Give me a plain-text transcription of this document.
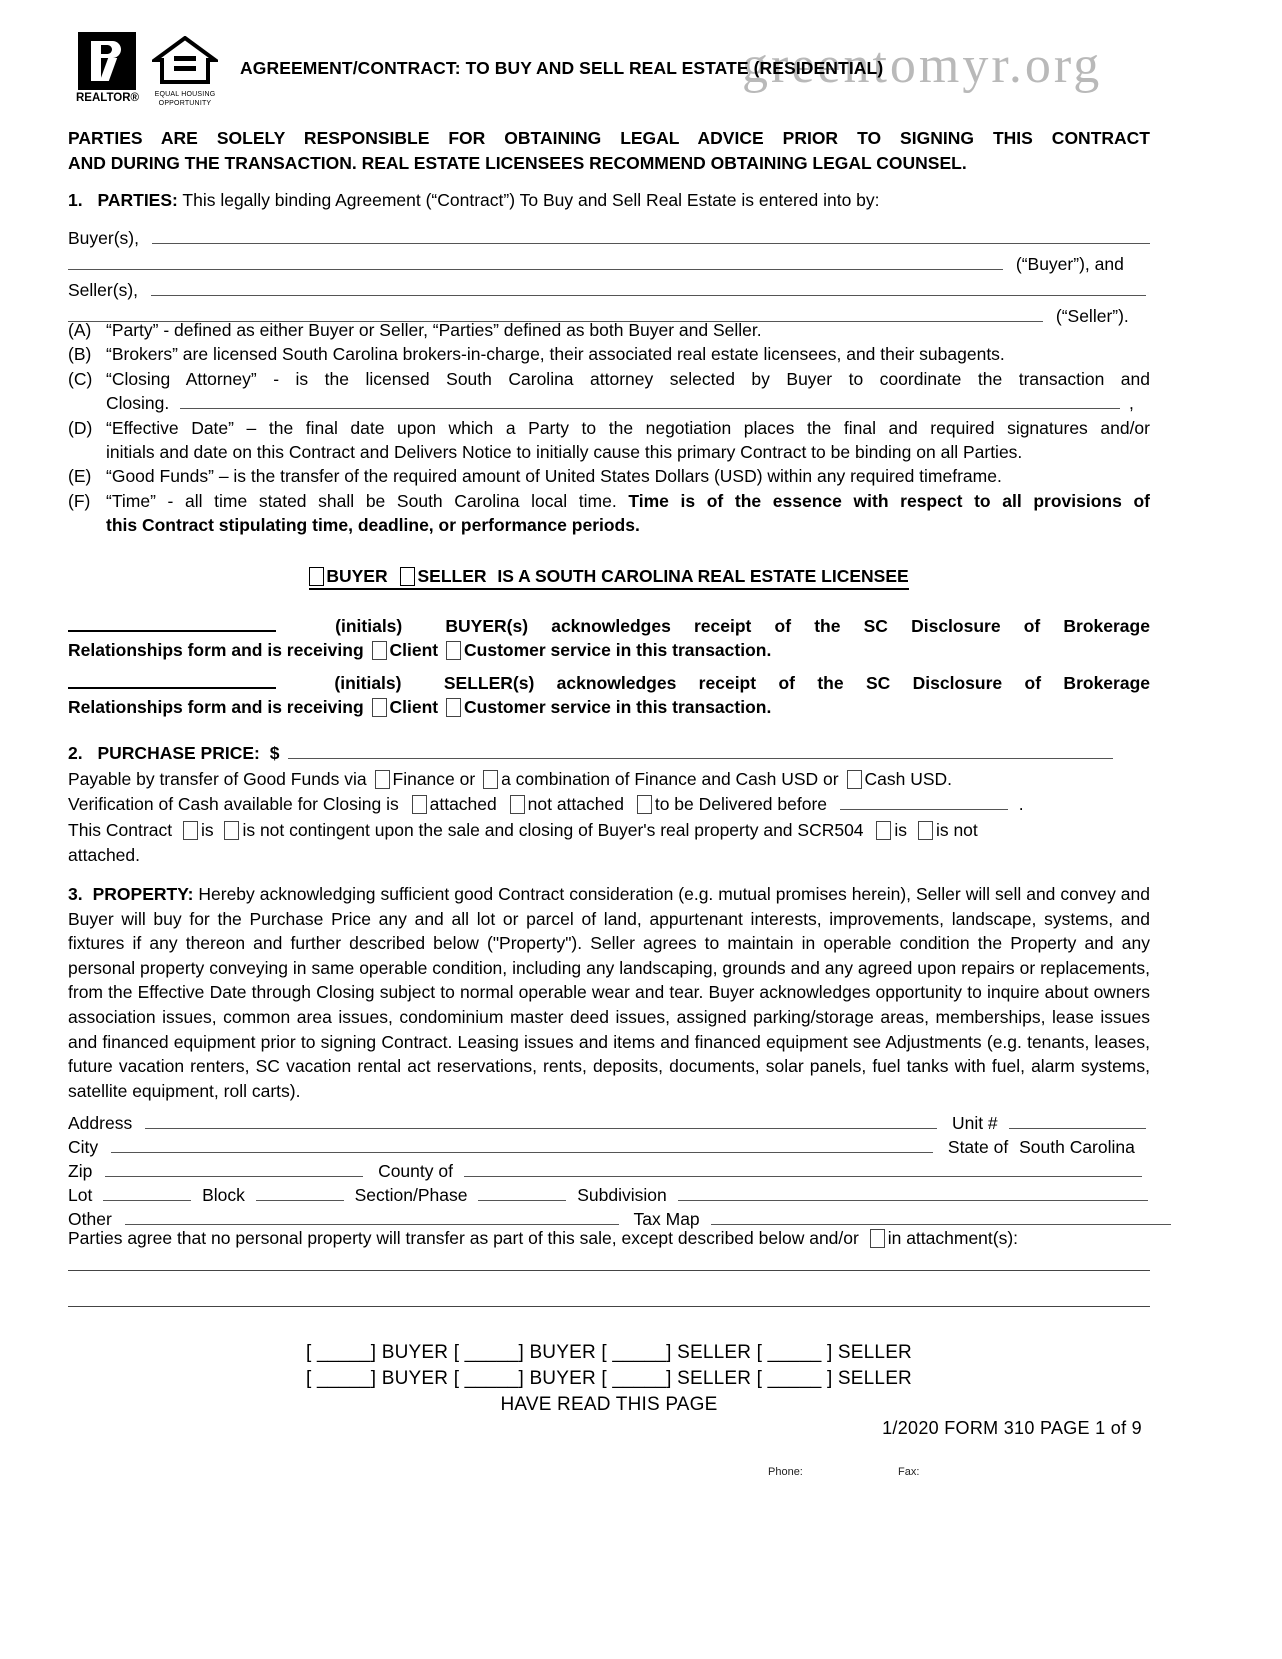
greentomyr.org
REALTOR®	EQUAL HOUSING
OPPORTUNITY
AGREEMENT/CONTRACT: TO BUY AND SELL REAL ESTATE (RESIDENTIAL)
PARTIES ARE SOLELY RESPONSIBLE FOR OBTAINING LEGAL ADVICE PRIOR TO SIGNING THIS CONTRACT
AND DURING THE TRANSACTION. REAL ESTATE LICENSEES RECOMMEND OBTAINING LEGAL COUNSEL.
1. PARTIES: This legally binding Agreement (“Contract”) To Buy and Sell Real Estate is entered into by:
Buyer(s),
(“Buyer”), and
Seller(s),
(“Seller”).
(A) “Party” - defined as either Buyer or Seller, “Parties” defined as both Buyer and Seller.
(B) “Brokers” are licensed South Carolina brokers-in-charge, their associated real estate licensees, and their subagents.
(C) “Closing Attorney” - is the licensed South Carolina attorney selected by Buyer to coordinate the transaction and
Closing.	,
(D) “Effective Date” – the final date upon which a Party to the negotiation places the final and required signatures and/or
initials and date on this Contract and Delivers Notice to initially cause this primary Contract to be binding on all Parties.
(E) “Good Funds” – is the transfer of the required amount of United States Dollars (USD) within any required timeframe.
(F) “Time” - all time stated shall be South Carolina local time. Time is of the essence with respect to all provisions of
this Contract stipulating time, deadline, or performance periods.
BUYER SELLER IS A SOUTH CAROLINA REAL ESTATE LICENSEE
(initials) BUYER(s) acknowledges receipt of the SC Disclosure of Brokerage
Relationships form and is receiving Client Customer service in this transaction.
(initials) SELLER(s) acknowledges receipt of the SC Disclosure of Brokerage
Relationships form and is receiving Client Customer service in this transaction.
2. PURCHASE PRICE: $
Payable by transfer of Good Funds via Finance or a combination of Finance and Cash USD or Cash USD.
Verification of Cash available for Closing is attached not attached to be Delivered before	.
This Contract is is not contingent upon the sale and closing of Buyer's real property and SCR504 is is not
attached.

3. PROPERTY: Hereby acknowledging sufficient good Contract consideration (e.g. mutual promises herein), Seller will sell and convey and Buyer will buy for the Purchase Price any and all lot or parcel of land, appurtenant interests, improvements, landscape, systems, and fixtures if any thereon and further described below ("Property"). Seller agrees to maintain in operable condition the Property and any personal property conveying in same operable condition, including any landscaping, grounds and any agreed upon repairs or replacements, from the Effective Date through Closing subject to normal operable wear and tear. Buyer acknowledges opportunity to inquire about owners association issues, common area issues, condominium master deed issues, assigned parking/storage areas, memberships, lease issues and financed equipment prior to signing Contract. Leasing issues and items and financed equipment see Adjustments (e.g. tenants, leases, future vacation renters, SC vacation rental act reservations, rents, deposits, documents, solar panels, fuel tanks with fuel, alarm systems, satellite equipment, roll carts).

Address	Unit #
City	State of South Carolina
Zip	County of
Lot	Block	Section/Phase	Subdivision
Other	Tax Map
Parties agree that no personal property will transfer as part of this sale, except described below and/or in attachment(s):
[ _____] BUYER [ _____] BUYER [ _____] SELLER [ _____ ] SELLER
[ _____] BUYER [ _____] BUYER [ _____] SELLER [ _____ ] SELLER
HAVE READ THIS PAGE
1/2020 FORM 310 PAGE 1 of 9
Phone:	Fax:
